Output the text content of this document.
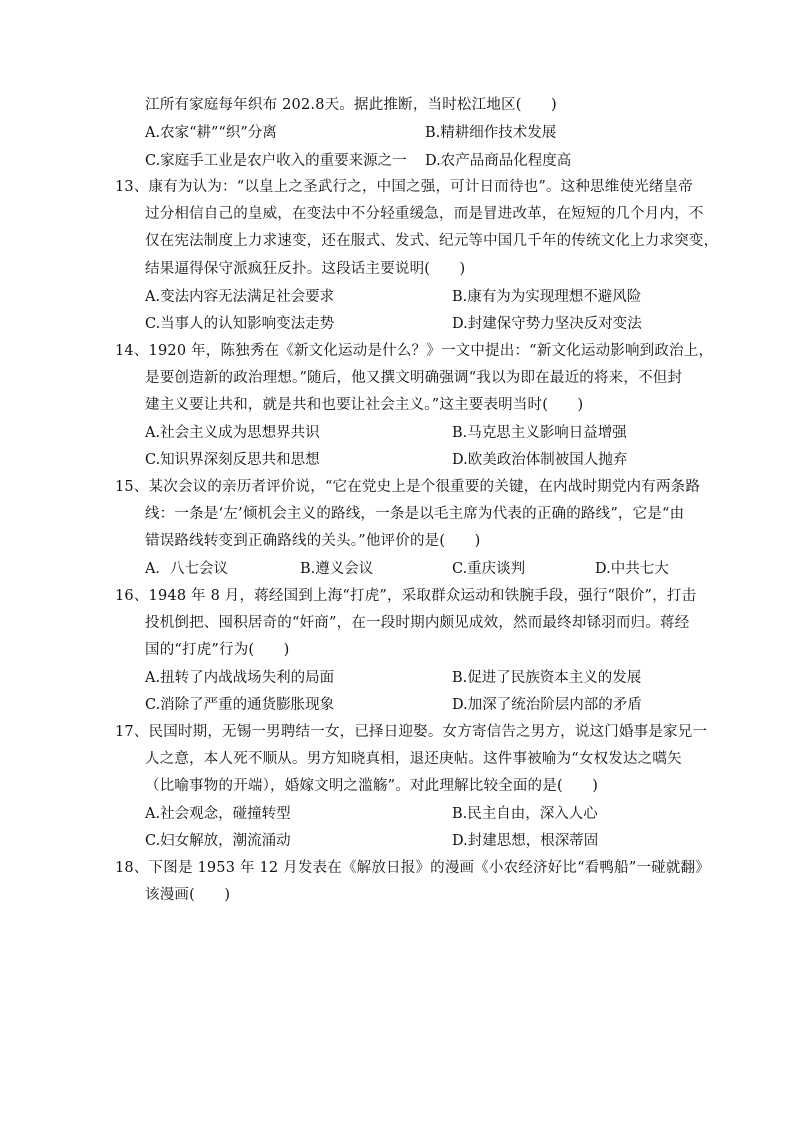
江所有家庭每年织布 202.8天。据此推断，当时松江地区(　　)
A.农家“耕”“织”分离	B.精耕细作技术发展
C.家庭手工业是农户收入的重要来源之一 D.农产品商品化程度高
13、康有为认为：“以皇上之圣武行之，中国之强，可计日而待也”。这种思维使光绪皇帝
过分相信自己的皇威，在变法中不分轻重缓急，而是冒进改革，在短短的几个月内，不
仅在宪法制度上力求速变，还在服式、发式、纪元等中国几千年的传统文化上力求突变，
结果逼得保守派疯狂反扑。这段话主要说明(　　)
A.变法内容无法满足社会要求	B.康有为为实现理想不避风险
C.当事人的认知影响变法走势	D.封建保守势力坚决反对变法
14、1920 年，陈独秀在《新文化运动是什么？》一文中提出：“新文化运动影响到政治上，
是要创造新的政治理想。”随后，他又撰文明确强调“我以为即在最近的将来，不但封
建主义要让共和，就是共和也要让社会主义。”这主要表明当时(　　)
A.社会主义成为思想界共识	B.马克思主义影响日益增强
C.知识界深刻反思共和思想	D.欧美政治体制被国人抛弃
15、某次会议的亲历者评价说，“它在党史上是个很重要的关键，在内战时期党内有两条路
线：一条是‘左’倾机会主义的路线，一条是以毛主席为代表的正确的路线”，它是“由
错误路线转变到正确路线的关头。”他评价的是(　　)
A．八七会议	B.遵义会议	C.重庆谈判	D.中共七大
16、1948 年 8 月，蒋经国到上海“打虎”，采取群众运动和铁腕手段，强行“限价”，打击
投机倒把、囤积居奇的“奸商”，在一段时期内颇见成效，然而最终却铩羽而归。蒋经
国的“打虎”行为(　　)
A.扭转了内战战场失利的局面	B.促进了民族资本主义的发展
C.消除了严重的通货膨胀现象	D.加深了统治阶层内部的矛盾
17、民国时期，无锡一男聘结一女，已择日迎娶。女方寄信告之男方，说这门婚事是家兄一
人之意，本人死不顺从。男方知晓真相，退还庚帖。这件事被喻为“女权发达之嚆矢
（比喻事物的开端），婚嫁文明之滥觞”。对此理解比较全面的是(　　)
A.社会观念，碰撞转型	B.民主自由，深入人心
C.妇女解放，潮流涌动	D.封建思想，根深蒂固
18、下图是 1953 年 12 月发表在《解放日报》的漫画《小农经济好比“看鸭船”一碰就翻》
该漫画(　　)
